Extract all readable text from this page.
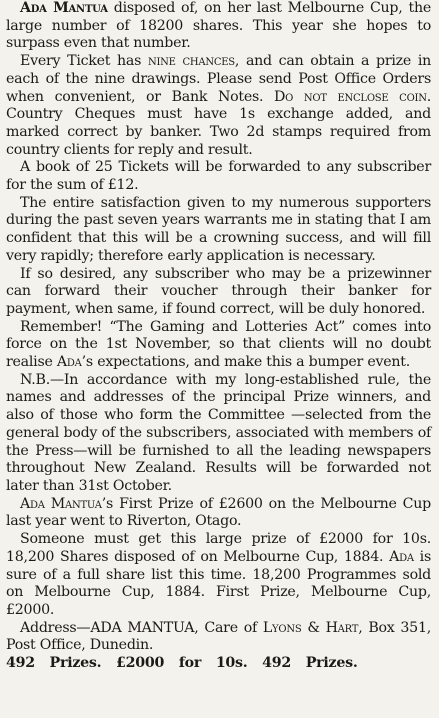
Ada Mantua disposed of, on her last Melbourne Cup, the large number of 18200 shares. This year she hopes to surpass even that number.

Every Ticket has nine chances, and can obtain a prize in each of the nine drawings. Please send Post Office Orders when convenient, or Bank Notes. Do not enclose coin. Country Cheques must have 1s exchange added, and marked correct by banker. Two 2d stamps required from country clients for reply and result.

A book of 25 Tickets will be forwarded to any subscriber for the sum of £12.

The entire satisfaction given to my numerous supporters during the past seven years warrants me in stating that I am confident that this will be a crowning success, and will fill very rapidly; therefore early application is necessary.

If so desired, any subscriber who may be a prizewinner can forward their voucher through their banker for payment, when same, if found correct, will be duly honored.

Remember! “The Gaming and Lotteries Act” comes into force on the 1st November, so that clients will no doubt realise Ada’s expectations, and make this a bumper event.

N.B.—In accordance with my long-established rule, the names and addresses of the principal Prize winners, and also of those who form the Committee —selected from the general body of the subscribers, associated with members of the Press—will be furnished to all the leading newspapers throughout New Zealand. Results will be forwarded not later than 31st October.

Ada Mantua’s First Prize of £2600 on the Melbourne Cup last year went to Riverton, Otago.

Someone must get this large prize of £2000 for 10s. 18,200 Shares disposed of on Melbourne Cup, 1884. Ada is sure of a full share list this time. 18,200 Programmes sold on Melbourne Cup, 1884. First Prize, Melbourne Cup, £2000.

Address—ADA MANTUA, Care of Lyons & Hart, Box 351, Post Office, Dunedin.

492 Prizes. £2000 for 10s. 492 Prizes.
